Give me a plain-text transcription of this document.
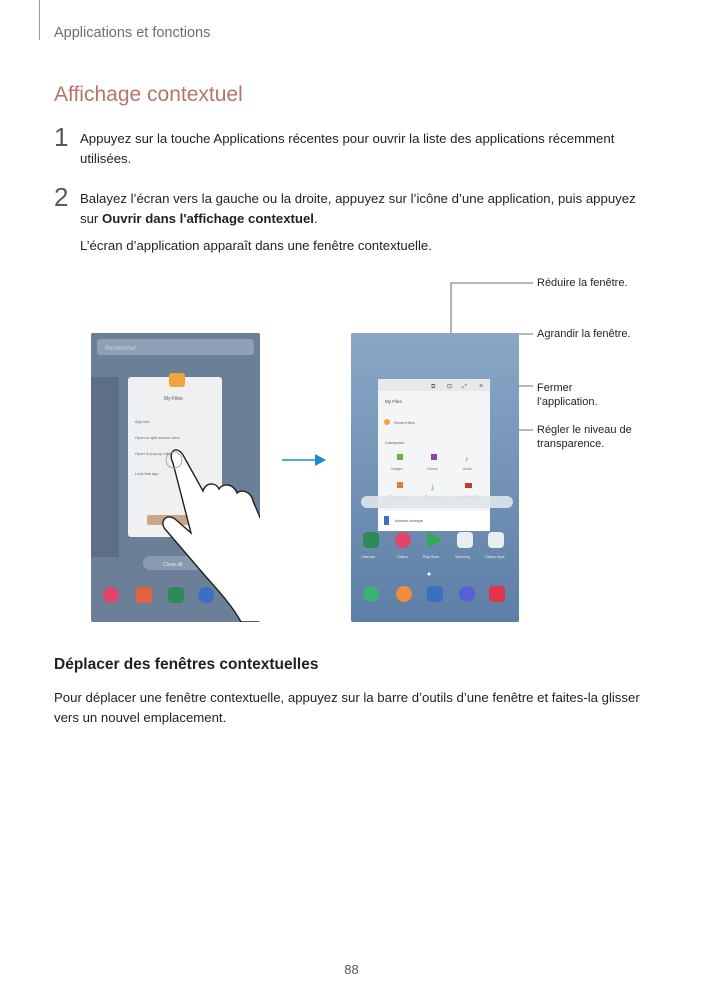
Applications et fonctions
Affichage contextuel
1 Appuyez sur la touche Applications récentes pour ouvrir la liste des applications récemment utilisées.
2 Balayez l’écran vers la gauche ou la droite, appuyez sur l’icône d’une application, puis appuyez sur Ouvrir dans l'affichage contextuel.
L’écran d’application apparaît dans une fenêtre contextuelle.
Réduire la fenêtre.
Agrandir la fenêtre.
Fermer l’application.
Régler le niveau de transparence.
Rechercher
My Files
App info
Open in split screen view
Open in pop-up view
Lock this app
Close all
⧉ ⊡ ⤢ ×
My Files
Recent files
Categories
♪
Images	Videos	Audio
⤓
Internal storage
Calendar	Gallery	Play Store	Samsung	Galaxy Apps
Déplacer des fenêtres contextuelles
Pour déplacer une fenêtre contextuelle, appuyez sur la barre d’outils d’une fenêtre et faites-la glisser vers un nouvel emplacement.
88
